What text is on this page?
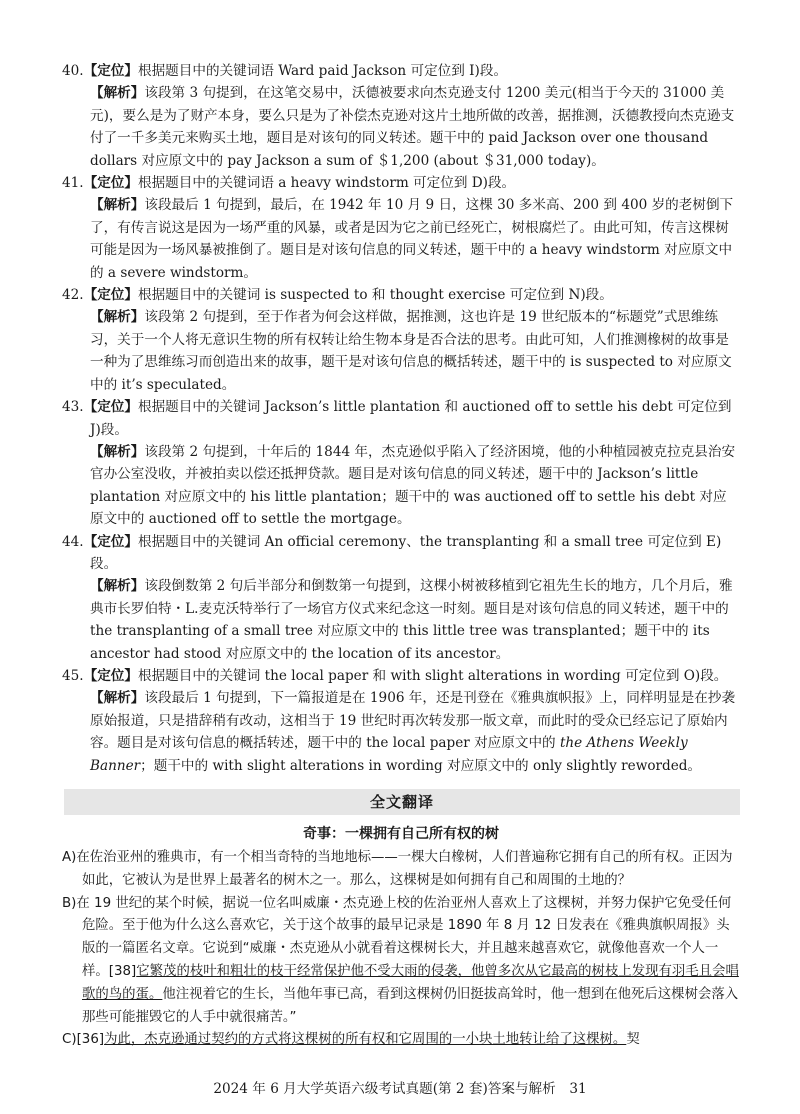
40.【定位】根据题目中的关键词语 Ward paid Jackson 可定位到 I)段。

【解析】该段第 3 句提到，在这笔交易中，沃德被要求向杰克逊支付 1200 美元(相当于今天的 31000 美元)，要么是为了财产本身，要么只是为了补偿杰克逊对这片土地所做的改善，据推测，沃德教授向杰克逊支付了一千多美元来购买土地，题目是对该句的同义转述。题干中的 paid Jackson over one thousand dollars 对应原文中的 pay Jackson a sum of ＄1,200 (about ＄31,000 today)。

41.【定位】根据题目中的关键词语 a heavy windstorm 可定位到 D)段。

【解析】该段最后 1 句提到，最后，在 1942 年 10 月 9 日，这棵 30 多米高、200 到 400 岁的老树倒下了，有传言说这是因为一场严重的风暴，或者是因为它之前已经死亡，树根腐烂了。由此可知，传言这棵树可能是因为一场风暴被推倒了。题目是对该句信息的同义转述，题干中的 a heavy windstorm 对应原文中的 a severe windstorm。

42.【定位】根据题目中的关键词 is suspected to 和 thought exercise 可定位到 N)段。

【解析】该段第 2 句提到，至于作者为何会这样做，据推测，这也许是 19 世纪版本的“标题党”式思维练习，关于一个人将无意识生物的所有权转让给生物本身是否合法的思考。由此可知，人们推测橡树的故事是一种为了思维练习而创造出来的故事，题干是对该句信息的概括转述，题干中的 is suspected to 对应原文中的 it’s speculated。

43.【定位】根据题目中的关键词 Jackson’s little plantation 和 auctioned off to settle his debt 可定位到 J)段。

【解析】该段第 2 句提到，十年后的 1844 年，杰克逊似乎陷入了经济困境，他的小种植园被克拉克县治安官办公室没收，并被拍卖以偿还抵押贷款。题目是对该句信息的同义转述，题干中的 Jackson’s little plantation 对应原文中的 his little plantation；题干中的 was auctioned off to settle his debt 对应原文中的 auctioned off to settle the mortgage。

44.【定位】根据题目中的关键词 An official ceremony、the transplanting 和 a small tree 可定位到 E)段。

【解析】该段倒数第 2 句后半部分和倒数第一句提到，这棵小树被移植到它祖先生长的地方，几个月后，雅典市长罗伯特・L.麦克沃特举行了一场官方仪式来纪念这一时刻。题目是对该句信息的同义转述，题干中的 the transplanting of a small tree 对应原文中的 this little tree was transplanted；题干中的 its ancestor had stood 对应原文中的 the location of its ancestor。

45.【定位】根据题目中的关键词 the local paper 和 with slight alterations in wording 可定位到 O)段。

【解析】该段最后 1 句提到，下一篇报道是在 1906 年，还是刊登在《雅典旗帜报》上，同样明显是在抄袭原始报道，只是措辞稍有改动，这相当于 19 世纪时再次转发那一版文章，而此时的受众已经忘记了原始内容。题目是对该句信息的概括转述，题干中的 the local paper 对应原文中的 the Athens Weekly Banner；题干中的 with slight alterations in wording 对应原文中的 only slightly reworded。

全文翻译
奇事：一棵拥有自己所有权的树

A)在佐治亚州的雅典市，有一个相当奇特的当地地标——一棵大白橡树，人们普遍称它拥有自己的所有权。正因为如此，它被认为是世界上最著名的树木之一。那么，这棵树是如何拥有自己和周围的土地的？

B)在 19 世纪的某个时候，据说一位名叫威廉・杰克逊上校的佐治亚州人喜欢上了这棵树，并努力保护它免受任何危险。至于他为什么这么喜欢它，关于这个故事的最早记录是 1890 年 8 月 12 日发表在《雅典旗帜周报》头版的一篇匿名文章。它说到“威廉・杰克逊从小就看着这棵树长大，并且越来越喜欢它，就像他喜欢一个人一样。[38]它繁茂的枝叶和粗壮的枝干经常保护他不受大雨的侵袭，他曾多次从它最高的树枝上发现有羽毛且会唱歌的鸟的蛋。他注视着它的生长，当他年事已高，看到这棵树仍旧挺拔高耸时，他一想到在他死后这棵树会落入那些可能摧毁它的人手中就很痛苦。”

C)[36]为此，杰克逊通过契约的方式将这棵树的所有权和它周围的一小块土地转让给了这棵树。契

2024 年 6 月大学英语六级考试真题(第 2 套)答案与解析　31
